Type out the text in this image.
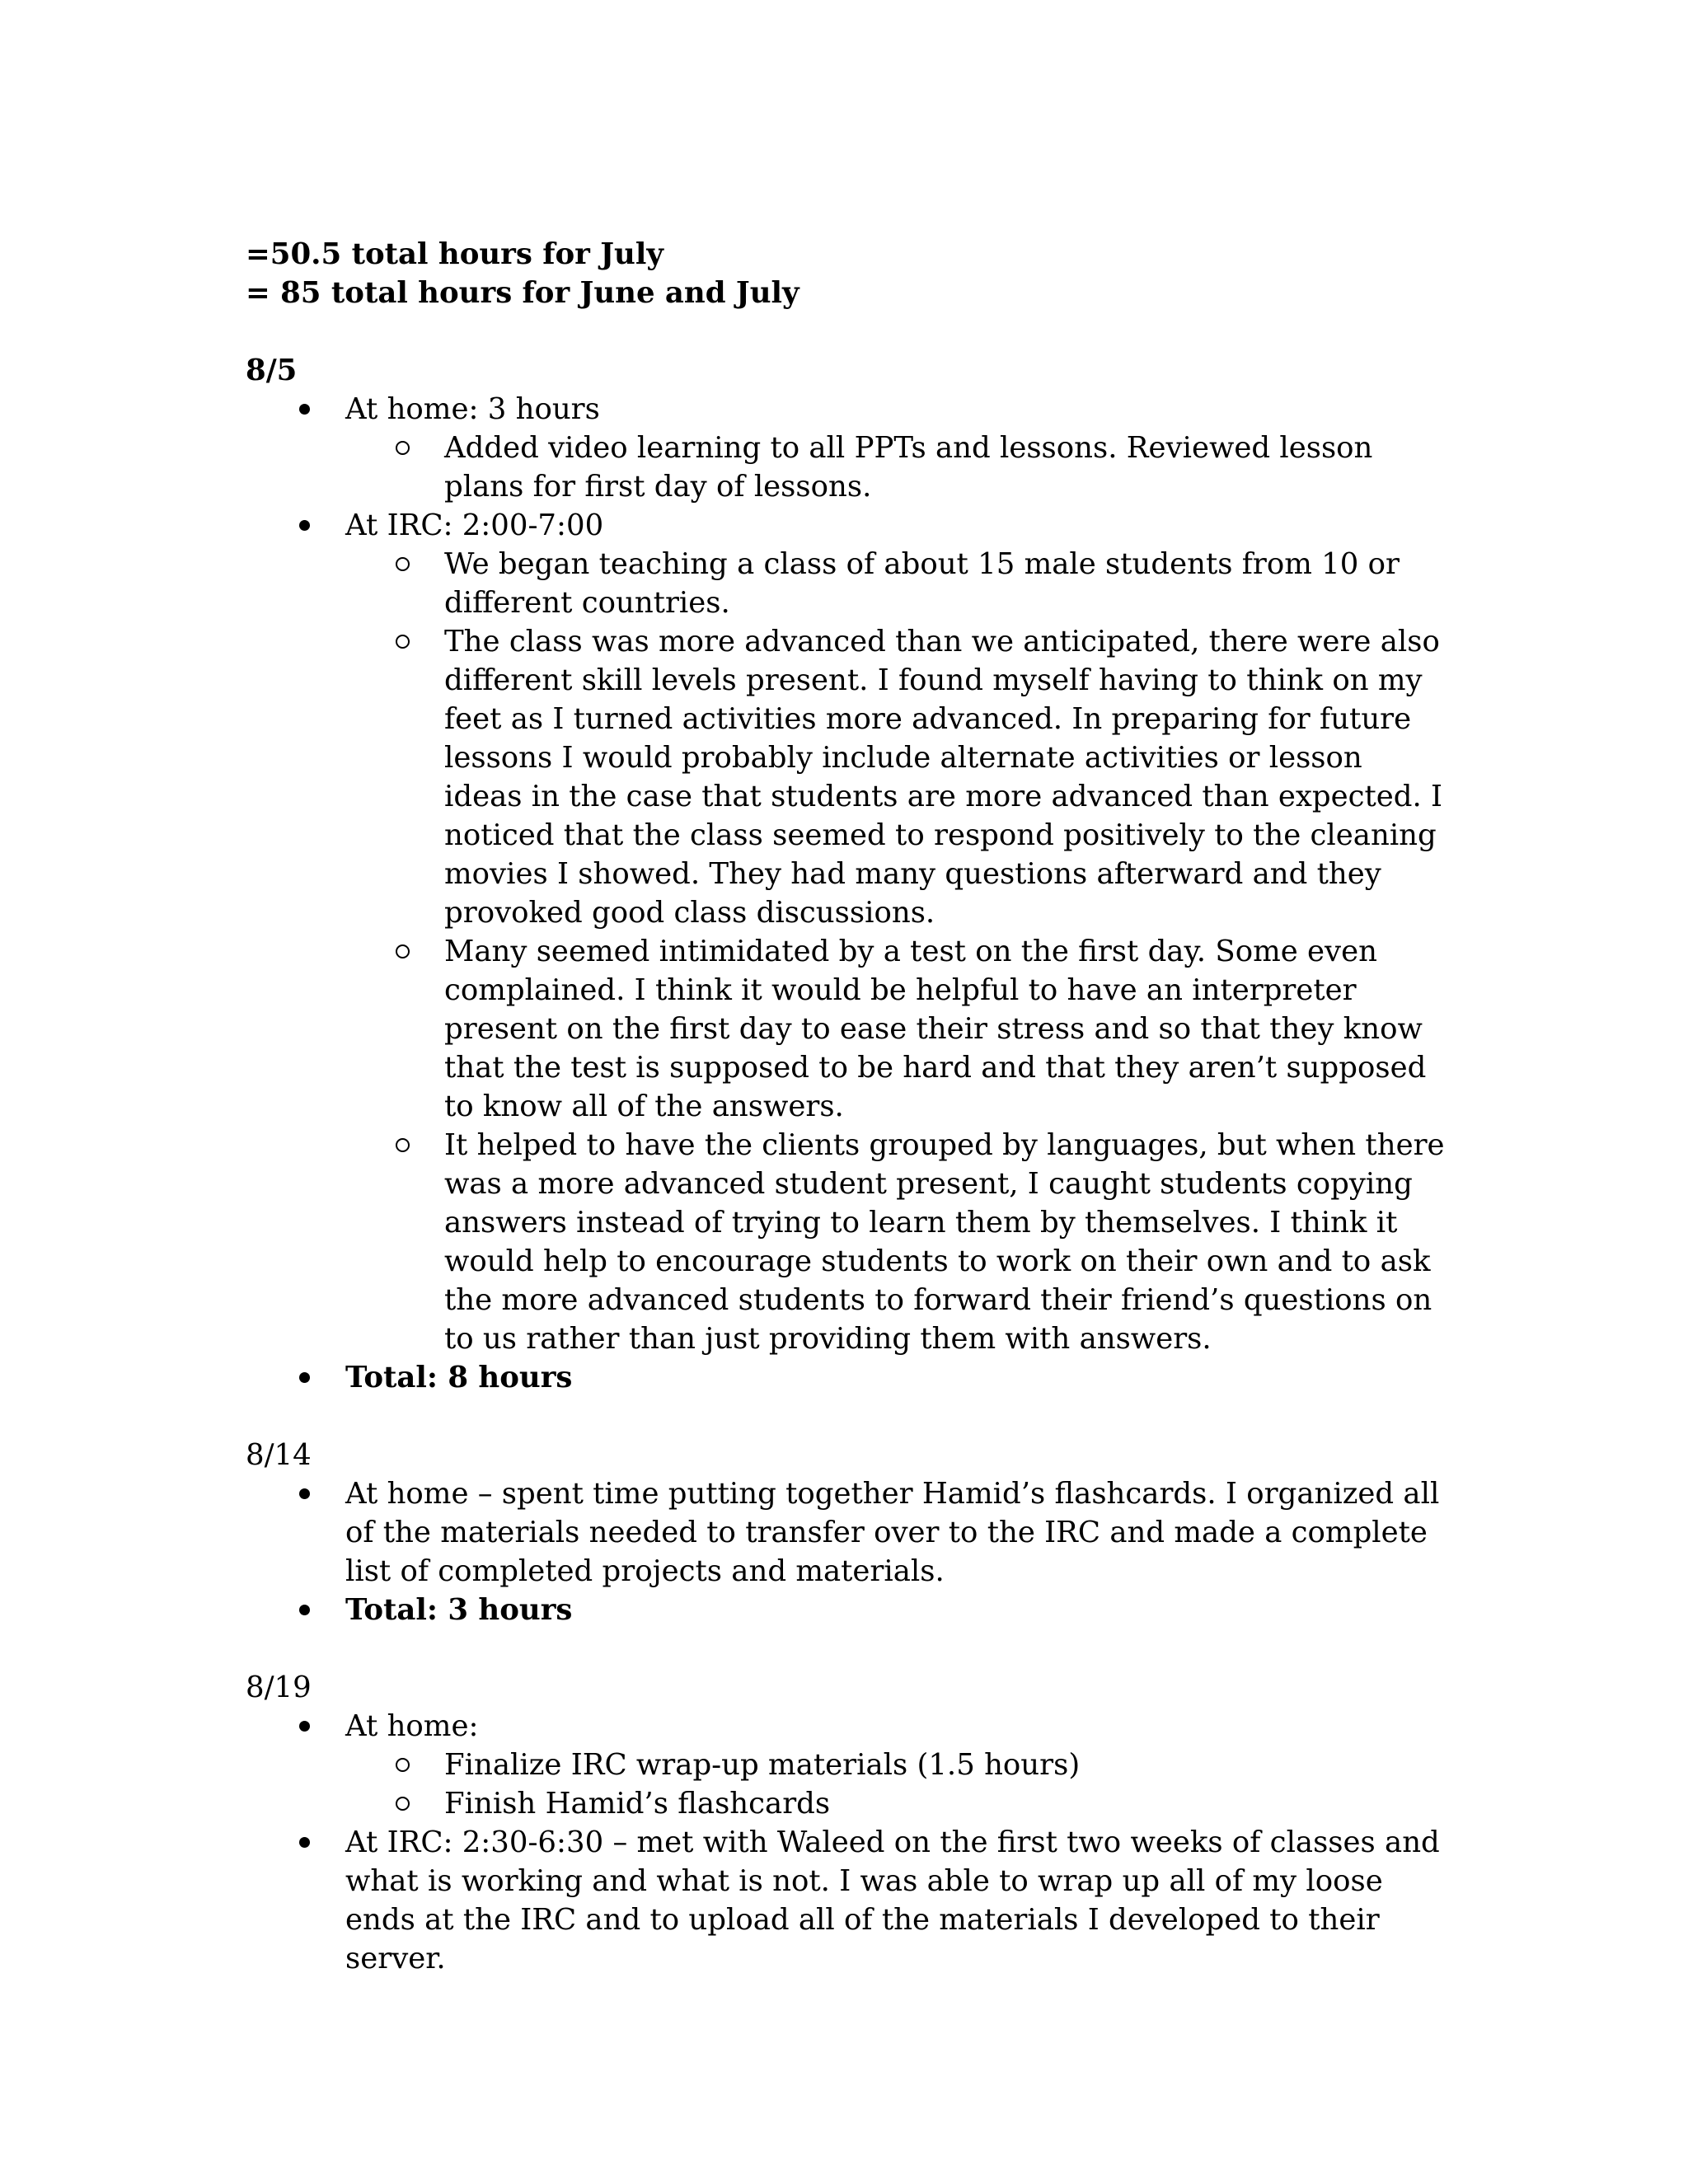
=50.5 total hours for July

= 85 total hours for June and July

8/5

At home: 3 hours
Added video learning to all PPTs and lessons. Reviewed lesson plans for first day of lessons.
At IRC: 2:00-7:00
We began teaching a class of about 15 male students from 10 or different countries.
The class was more advanced than we anticipated, there were also different skill levels present. I found myself having to think on my feet as I turned activities more advanced. In preparing for future lessons I would probably include alternate activities or lesson ideas in the case that students are more advanced than expected. I noticed that the class seemed to respond positively to the cleaning movies I showed. They had many questions afterward and they provoked good class discussions.
Many seemed intimidated by a test on the first day. Some even complained. I think it would be helpful to have an interpreter present on the first day to ease their stress and so that they know that the test is supposed to be hard and that they aren’t supposed to know all of the answers.
It helped to have the clients grouped by languages, but when there was a more advanced student present, I caught students copying answers instead of trying to learn them by themselves. I think it would help to encourage students to work on their own and to ask the more advanced students to forward their friend’s questions on to us rather than just providing them with answers.
Total: 8 hours

8/14

At home – spent time putting together Hamid’s flashcards. I organized all of the materials needed to transfer over to the IRC and made a complete list of completed projects and materials.
Total: 3 hours

8/19

At home:
Finalize IRC wrap-up materials (1.5 hours)
Finish Hamid’s flashcards
At IRC: 2:30-6:30 – met with Waleed on the first two weeks of classes and what is working and what is not. I was able to wrap up all of my loose ends at the IRC and to upload all of the materials I developed to their server.
